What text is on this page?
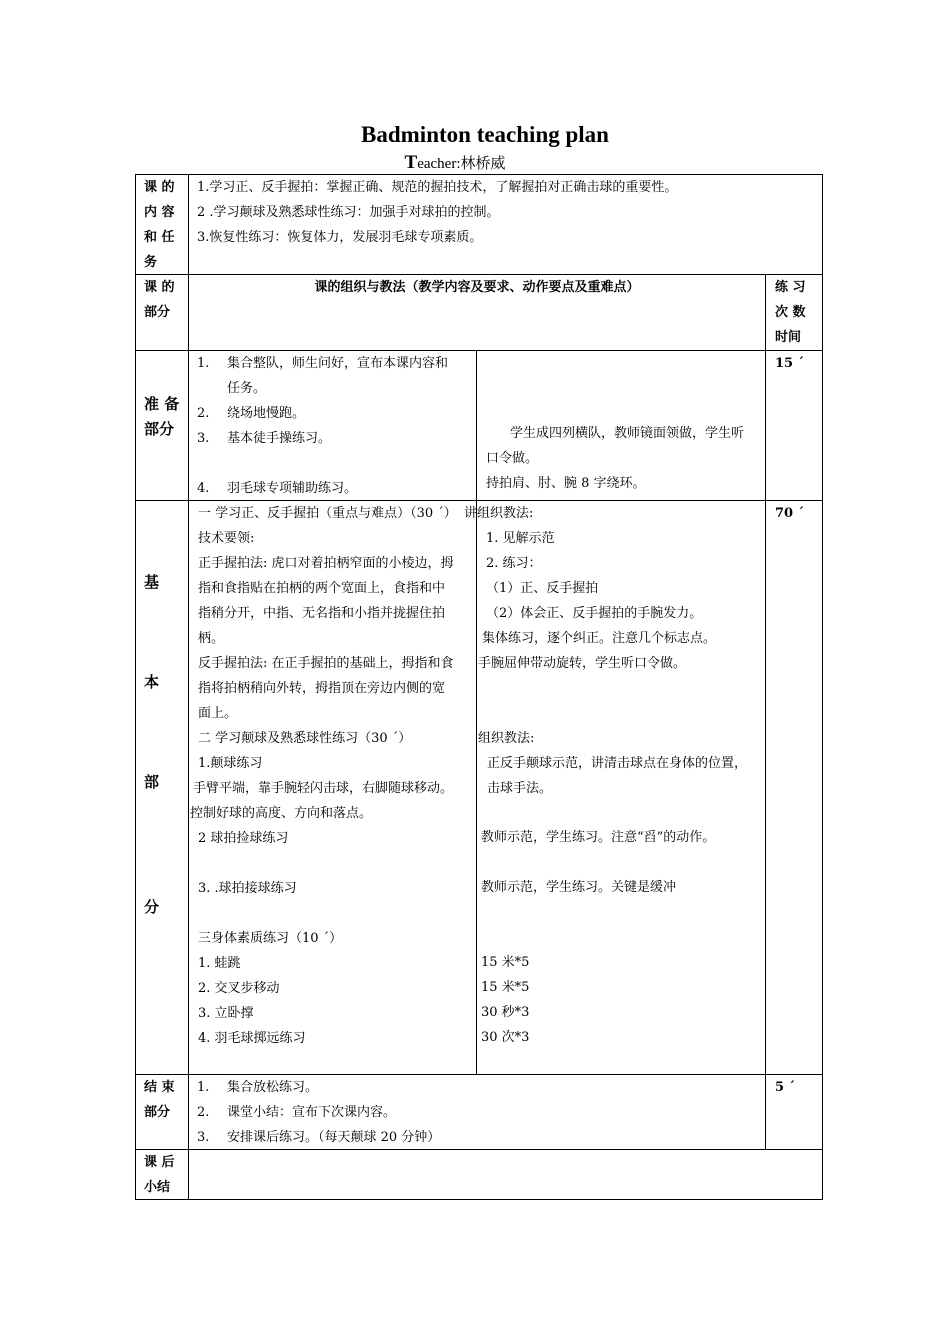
Badminton teaching plan
Teacher:林桥威
课 的
内 容
和 任
务
1.学习正、反手握拍：掌握正确、规范的握拍技术，了解握拍对正确击球的重要性。
2 .学习颠球及熟悉球性练习：加强手对球拍的控制。
3.恢复性练习：恢复体力，发展羽毛球专项素质。
课 的
部分
课的组织与教法（教学内容及要求、动作要点及重难点）	练 习
次 数
时间
准 备
部分
1. 集合整队，师生问好，宣布本课内容和
任务。
2. 绕场地慢跑。
3. 基本徒手操练习。
4. 羽毛球专项辅助练习。
学生成四列横队，教师镜面领做，学生听
口令做。
持拍肩、肘、腕 8 字绕环。
15 ˊ
基
本
部
分
一 学习正、反手握拍（重点与难点）（30 ˊ）
技术要领:
正手握拍法: 虎口对着拍柄窄面的小棱边，拇
指和食指贴在拍柄的两个宽面上，食指和中
指稍分开，中指、无名指和小指并拢握住拍
柄。
反手握拍法: 在正手握拍的基础上，拇指和食
指将拍柄稍向外转，拇指顶在旁边内侧的宽
面上。
二 学习颠球及熟悉球性练习（30 ˊ）
1.颠球练习
手臂平端，靠手腕轻闪击球，右脚随球移动。
控制好球的高度、方向和落点。
2 球拍捡球练习
3. .球拍接球练习
三身体素质练习（10 ˊ）
1. 蛙跳
2. 交叉步移动
3. 立卧撑
4. 羽毛球掷远练习
讲组织教法:
1. 见解示范
2. 练习：
（1）正、反手握拍
（2）体会正、反手握拍的手腕发力。
集体练习，逐个纠正。注意几个标志点。
手腕屈伸带动旋转，学生听口令做。
组织教法:
正反手颠球示范，讲清击球点在身体的位置，
击球手法。
教师示范，学生练习。注意“舀”的动作。
教师示范，学生练习。关键是缓冲
15 米*5
15 米*5
30 秒*3
30 次*3
70 ˊ
结 束
部分
1. 集合放松练习。
2. 课堂小结：宣布下次课内容。
3. 安排课后练习。（每天颠球 20 分钟）
5 ˊ
课 后
小结
